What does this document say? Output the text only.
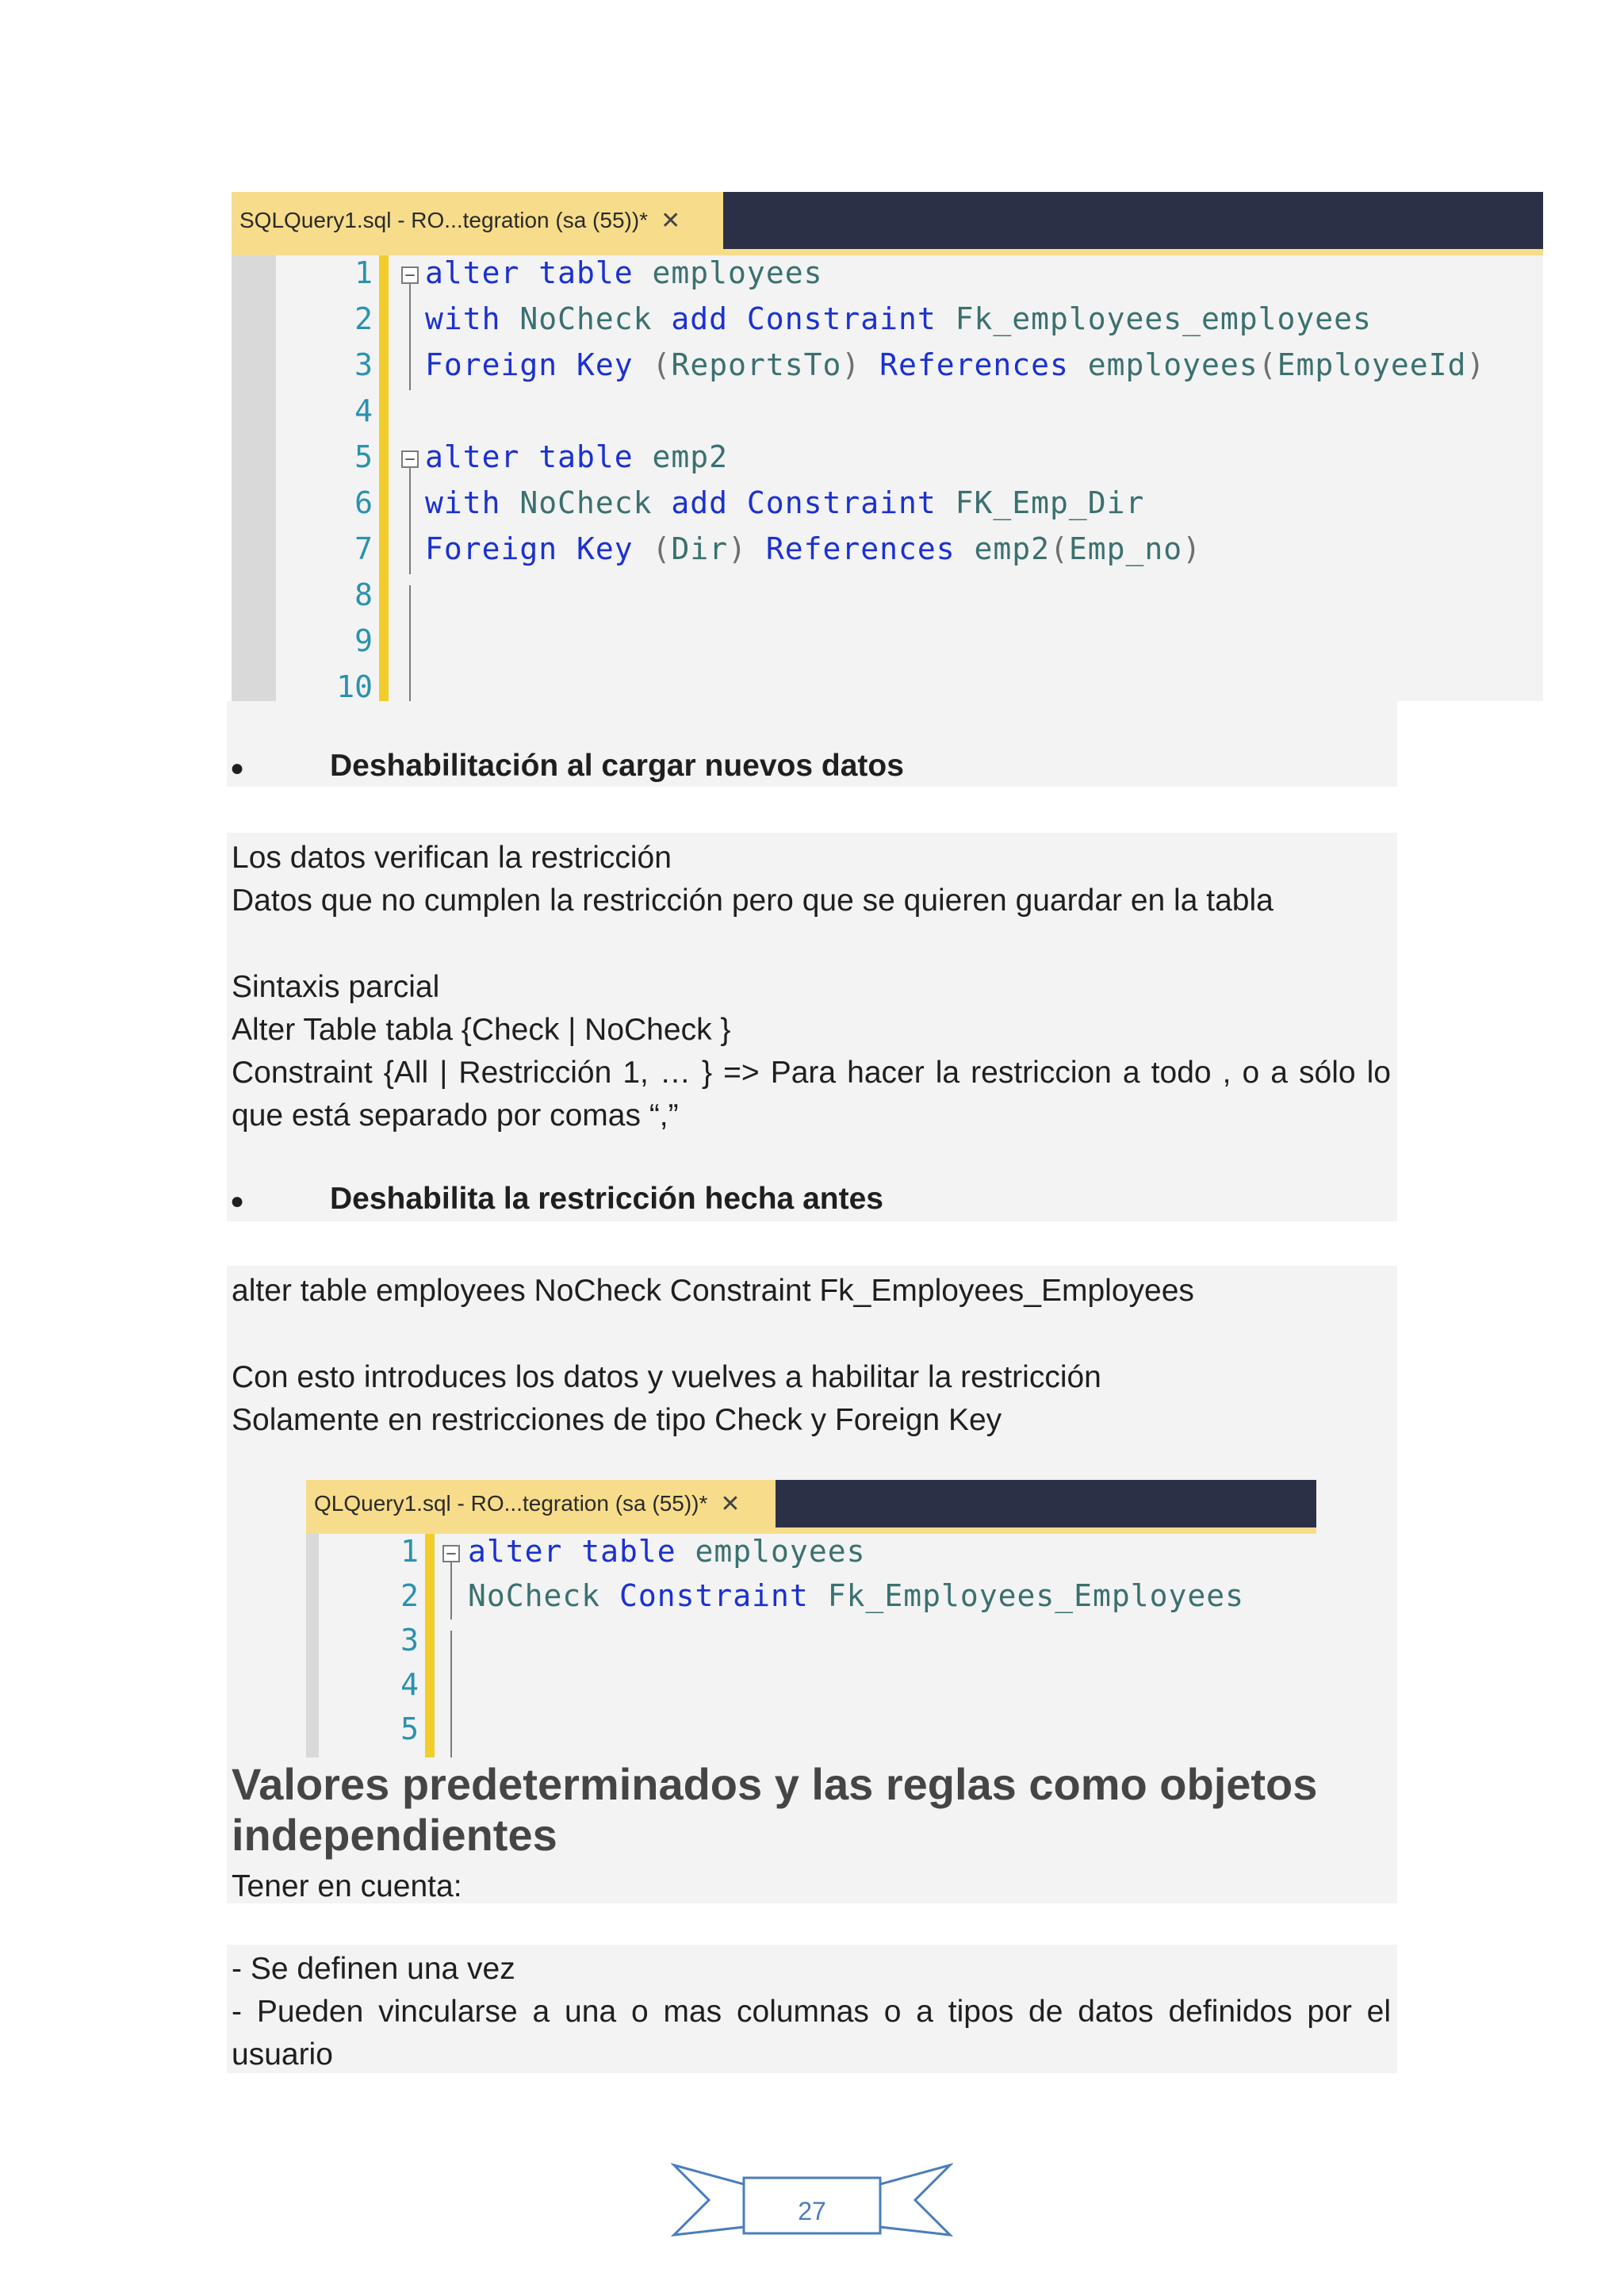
SQLQuery1.sql - RO...tegration (sa (55))* ✕
1 alter table employees
2 with NoCheck add Constraint Fk_employees_employees
3 Foreign Key (ReportsTo) References employees(EmployeeId)
4
5 alter table emp2
6 with NoCheck add Constraint FK_Emp_Dir
7 Foreign Key (Dir) References emp2(Emp_no)
8
9
10
−
−
●	Deshabilitación al cargar nuevos datos
Los datos verifican la restricción
Datos que no cumplen la restricción pero que se quieren guardar en la tabla
Sintaxis parcial
Alter Table tabla {Check | NoCheck }
Constraint {All | Restricción 1, … } => Para hacer la restriccion a todo , o a sólo lo que está separado por comas “,”
●	Deshabilita la restricción hecha antes
alter table employees NoCheck Constraint Fk_Employees_Employees
Con esto introduces los datos y vuelves a habilitar la restricción
Solamente en restricciones de tipo Check y Foreign Key
QLQuery1.sql - RO...tegration (sa (55))* ✕
1 alter table employees
2 NoCheck Constraint Fk_Employees_Employees
3
4
5
−
Valores predeterminados y las reglas como objetos independientes
Tener en cuenta:
- Se definen una vez
- Pueden vincularse a una o mas columnas o a tipos de datos definidos por el usuario
27
